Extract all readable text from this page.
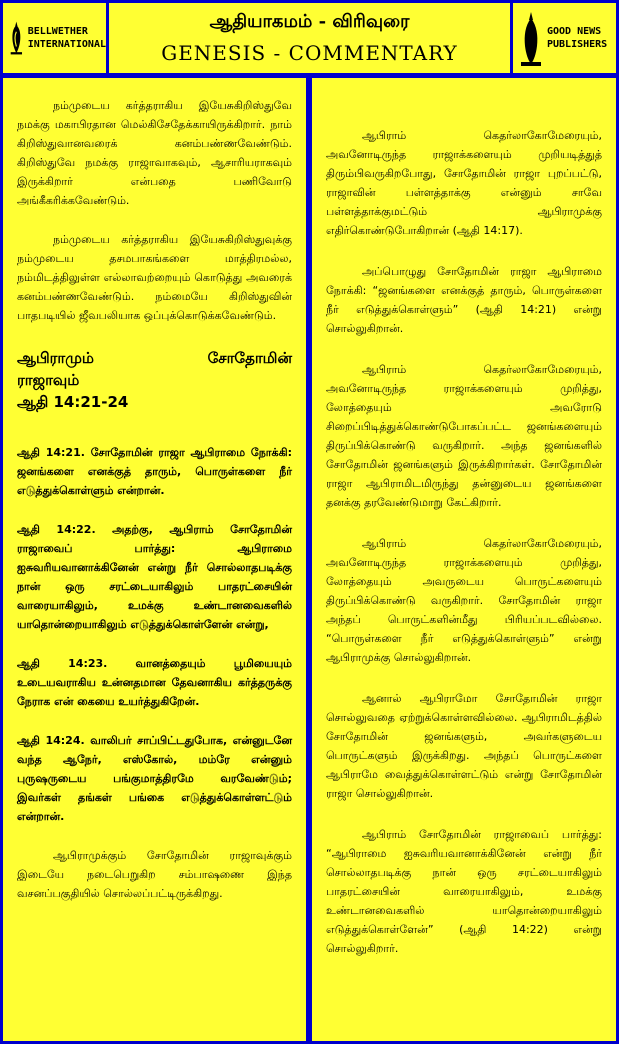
BELLWETHER
INTERNATIONAL
ஆதியாகமம் - விரிவுரை
GENESIS - COMMENTARY
GOOD NEWS
PUBLISHERS

நம்முடைய கர்த்தராகிய இயேசுகிறிஸ்துவே நமக்கு மகாபிரதான மெல்கிசேதேக்காயிருக்கிறார். நாம் கிறிஸ்துவானவரைக் கனம்பண்ணவேண்டும். கிறிஸ்துவே நமக்கு ராஜாவாகவும், ஆசாரியராகவும் இருக்கிறார் என்பதை பணிவோடு அங்கீகரிக்கவேண்டும்.

நம்முடைய கர்த்தராகிய இயேசுகிறிஸ்துவுக்கு நம்முடைய தசமபாகங்களை மாத்திரமல்ல, நம்மிடத்திலுள்ள எல்லாவற்றையும் கொடுத்து அவரைக் கனம்பண்ணவேண்டும். நம்மையே கிறிஸ்துவின் பாதபடியில் ஜீவபலியாக ஒப்புக்கொடுக்கவேண்டும்.

ஆபிராமும்	சோதோமின்
ராஜாவும்
ஆதி 14:21-24

ஆதி 14:21. சோதோமின் ராஜா ஆபிராமை நோக்கி: ஜனங்களை எனக்குத் தாரும், பொருள்களை நீர் எடுத்துக்கொள்ளும் என்றான்.

ஆதி 14:22. அதற்கு, ஆபிராம் சோதோமின் ராஜாவைப் பார்த்து: ஆபிராமை ஐசுவரியவானாக்கினேன் என்று நீர் சொல்லாதபடிக்கு நான் ஒரு சரட்டையாகிலும் பாதரட்சையின் வாரையாகிலும், உமக்கு உண்டானவைகளில் யாதொன்றையாகிலும் எடுத்துக்கொள்ளேன் என்று,

ஆதி 14:23. வானத்தையும் பூமியையும் உடையவராகிய உன்னதமான தேவனாகிய கர்த்தருக்கு நேராக என் கையை உயர்த்துகிறேன்.

ஆதி 14:24. வாலிபர் சாப்பிட்டதுபோக, என்னுடனே வந்த ஆநேர், எஸ்கோல், மம்ரே என்னும் புருஷருடைய பங்குமாத்திரமே வரவேண்டும்; இவர்கள் தங்கள் பங்கை எடுத்துக்கொள்ளட்டும் என்றான்.

ஆபிராமுக்கும் சோதோமின் ராஜாவுக்கும் இடையே நடைபெறுகிற சம்பாஷணை இந்த வசனப்பகுதியில் சொல்லப்பட்டிருக்கிறது.

ஆபிராம் கெதர்லாகோமேரையும், அவனோடிருந்த ராஜாக்களையும் முறியடித்துத் திரும்பிவருகிறபோது, சோதோமின் ராஜா புறப்பட்டு, ராஜாவின் பள்ளத்தாக்கு என்னும் சாவே பள்ளத்தாக்குமட்டும் ஆபிராமுக்கு எதிர்கொண்டுபோகிறான் (ஆதி 14:17).

அப்பொழுது சோதோமின் ராஜா ஆபிராமை நோக்கி: “ஜனங்களை எனக்குத் தாரும், பொருள்களை நீர் எடுத்துக்கொள்ளும்” (ஆதி 14:21) என்று சொல்லுகிறான்.

ஆபிராம் கெதர்லாகோமேரையும், அவனோடிருந்த ராஜாக்களையும் முறித்து, லோத்தையும் அவரோடு சிறைப்பிடித்துக்கொண்டுபோகப்பட்ட ஜனங்களையும் திருப்பிக்கொண்டு வருகிறார். அந்த ஜனங்களில் சோதோமின் ஜனங்களும் இருக்கிறார்கள். சோதோமின் ராஜா ஆபிராமிடமிருந்து தன்னுடைய ஜனங்களை தனக்கு தரவேண்டுமாறு கேட்கிறார்.

ஆபிராம் கெதர்லாகோமேரையும், அவனோடிருந்த ராஜாக்களையும் முறித்து, லோத்தையும் அவருடைய பொருட்களையும் திருப்பிக்கொண்டு வருகிறார். சோதோமின் ராஜா அந்தப் பொருட்களின்மீது பிரியப்படவில்லை. “பொருள்களை நீர் எடுத்துக்கொள்ளும்” என்று ஆபிராமுக்கு சொல்லுகிறான்.

ஆனால் ஆபிராமோ சோதோமின் ராஜா சொல்லுவதை ஏற்றுக்கொள்ளவில்லை. ஆபிராமிடத்தில் சோதோமின் ஜனங்களும், அவர்களுடைய பொருட்களும் இருக்கிறது. அந்தப் பொருட்களை ஆபிராமே வைத்துக்கொள்ளட்டும் என்று சோதோமின் ராஜா சொல்லுகிறான்.

ஆபிராம் சோதோமின் ராஜாவைப் பார்த்து: “ஆபிராமை ஐசுவரியவானாக்கினேன் என்று நீர் சொல்லாதபடிக்கு நான் ஒரு சரட்டையாகிலும் பாதரட்சையின் வாரையாகிலும், உமக்கு உண்டானவைகளில் யாதொன்றையாகிலும் எடுத்துக்கொள்ளேன்” (ஆதி 14:22) என்று சொல்லுகிறார்.
